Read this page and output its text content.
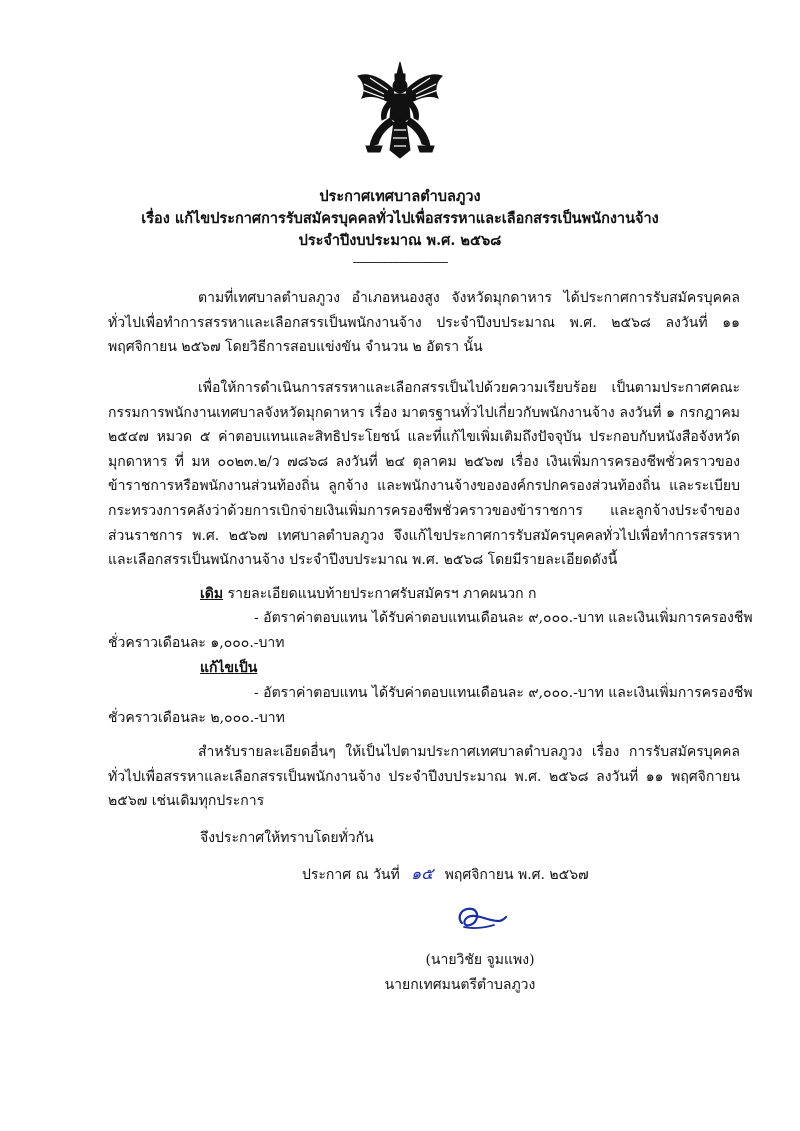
ประกาศเทศบาลตำบลภูวง
เรื่อง แก้ไขประกาศการรับสมัครบุคคลทั่วไปเพื่อสรรหาและเลือกสรรเป็นพนักงานจ้าง
ประจำปีงบประมาณ พ.ศ. ๒๕๖๘
-------------------------------
ตามที่เทศบาลตำบลภูวง อำเภอหนองสูง จังหวัดมุกดาหาร ได้ประกาศการรับสมัครบุคคลทั่วไปเพื่อทำการสรรหาและเลือกสรรเป็นพนักงานจ้าง ประจำปีงบประมาณ พ.ศ. ๒๕๖๘ ลงวันที่ ๑๑ พฤศจิกายน ๒๕๖๗ โดยวิธีการสอบแข่งขัน จำนวน ๒ อัตรา นั้น
เพื่อให้การดำเนินการสรรหาและเลือกสรรเป็นไปด้วยความเรียบร้อย เป็นตามประกาศคณะกรรมการพนักงานเทศบาลจังหวัดมุกดาหาร เรื่อง มาตรฐานทั่วไปเกี่ยวกับพนักงานจ้าง ลงวันที่ ๑ กรกฎาคม ๒๕๔๗ หมวด ๕ ค่าตอบแทนและสิทธิประโยชน์ และที่แก้ไขเพิ่มเติมถึงปัจจุบัน ประกอบกับหนังสือจังหวัดมุกดาหาร ที่ มห ๐๐๒๓.๒/ว ๗๘๖๘ ลงวันที่ ๒๔ ตุลาคม ๒๕๖๗ เรื่อง เงินเพิ่มการครองชีพชั่วคราวของข้าราชการหรือพนักงานส่วนท้องถิ่น ลูกจ้าง และพนักงานจ้างขององค์กรปกครองส่วนท้องถิ่น และระเบียบกระทรวงการคลังว่าด้วยการเบิกจ่ายเงินเพิ่มการครองชีพชั่วคราวของข้าราชการ และลูกจ้างประจำของส่วนราชการ พ.ศ. ๒๕๖๗ เทศบาลตำบลภูวง จึงแก้ไขประกาศการรับสมัครบุคคลทั่วไปเพื่อทำการสรรหาและเลือกสรรเป็นพนักงานจ้าง ประจำปีงบประมาณ พ.ศ. ๒๕๖๘ โดยมีรายละเอียดดังนี้
เดิม รายละเอียดแนบท้ายประกาศรับสมัครฯ ภาคผนวก ก
- อัตราค่าตอบแทน ได้รับค่าตอบแทนเดือนละ ๙,๐๐๐.-บาท และเงินเพิ่มการครองชีพ
ชั่วคราวเดือนละ ๑,๐๐๐.-บาท
แก้ไขเป็น
- อัตราค่าตอบแทน ได้รับค่าตอบแทนเดือนละ ๙,๐๐๐.-บาท และเงินเพิ่มการครองชีพ
ชั่วคราวเดือนละ ๒,๐๐๐.-บาท
สำหรับรายละเอียดอื่นๆ ให้เป็นไปตามประกาศเทศบาลตำบลภูวง เรื่อง การรับสมัครบุคคลทั่วไปเพื่อสรรหาและเลือกสรรเป็นพนักงานจ้าง ประจำปีงบประมาณ พ.ศ. ๒๕๖๘ ลงวันที่ ๑๑ พฤศจิกายน ๒๕๖๗ เช่นเดิมทุกประการ
จึงประกาศให้ทราบโดยทั่วกัน
ประกาศ ณ วันที่ ๑๕ พฤศจิกายน พ.ศ. ๒๕๖๗
(นายวิชัย จูมแพง)
นายกเทศมนตรีตำบลภูวง
